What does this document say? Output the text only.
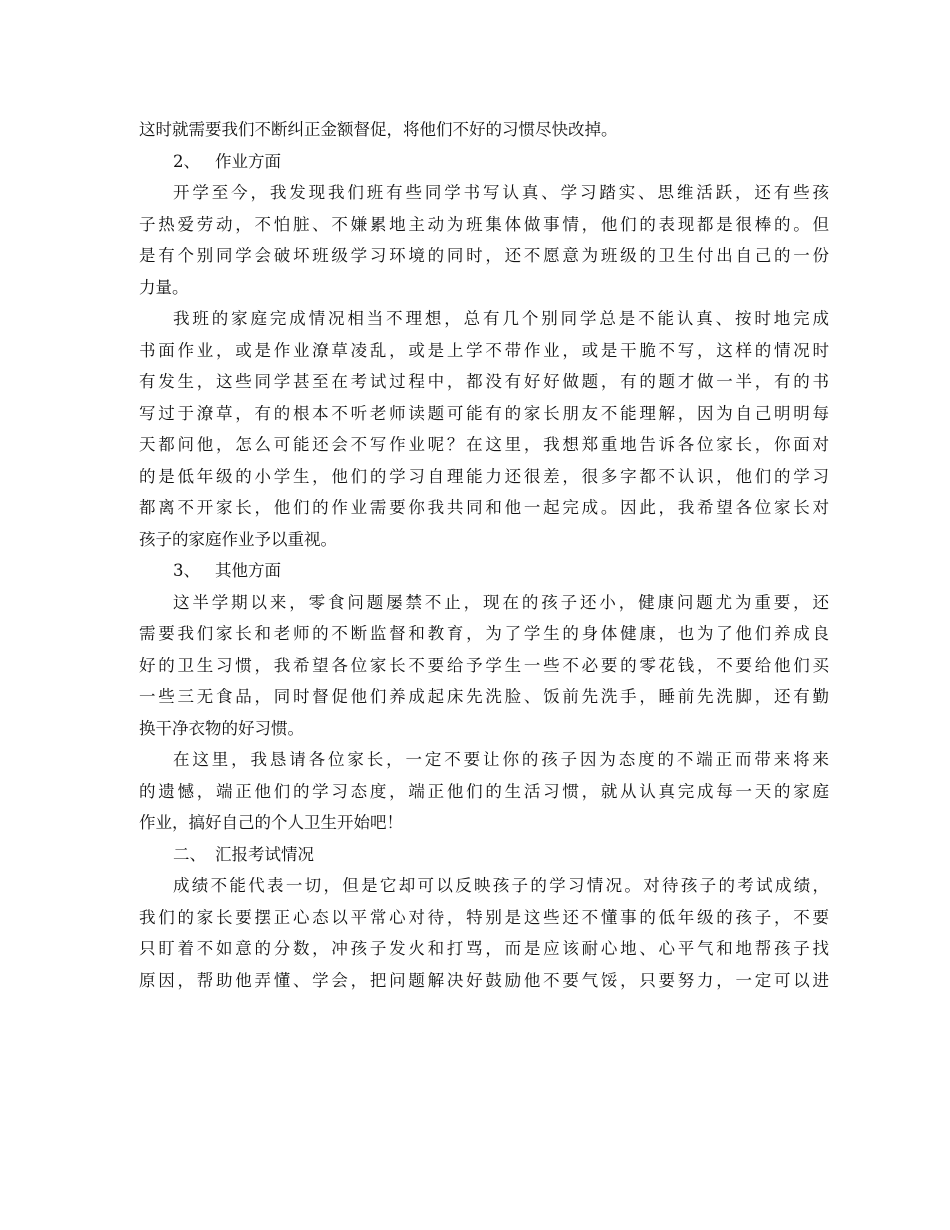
这时就需要我们不断纠正金额督促，将他们不好的习惯尽快改掉。
2、 作业方面
开学至今，我发现我们班有些同学书写认真、学习踏实、思维活跃，还有些孩
子热爱劳动，不怕脏、不嫌累地主动为班集体做事情，他们的表现都是很棒的。但
是有个别同学会破坏班级学习环境的同时，还不愿意为班级的卫生付出自己的一份
力量。
我班的家庭完成情况相当不理想，总有几个别同学总是不能认真、按时地完成
书面作业，或是作业潦草凌乱，或是上学不带作业，或是干脆不写，这样的情况时
有发生，这些同学甚至在考试过程中，都没有好好做题，有的题才做一半，有的书
写过于潦草，有的根本不听老师读题可能有的家长朋友不能理解，因为自己明明每
天都问他，怎么可能还会不写作业呢？在这里，我想郑重地告诉各位家长，你面对
的是低年级的小学生，他们的学习自理能力还很差，很多字都不认识，他们的学习
都离不开家长，他们的作业需要你我共同和他一起完成。因此，我希望各位家长对
孩子的家庭作业予以重视。
3、 其他方面
这半学期以来，零食问题屡禁不止，现在的孩子还小，健康问题尤为重要，还
需要我们家长和老师的不断监督和教育，为了学生的身体健康，也为了他们养成良
好的卫生习惯，我希望各位家长不要给予学生一些不必要的零花钱，不要给他们买
一些三无食品，同时督促他们养成起床先洗脸、饭前先洗手，睡前先洗脚，还有勤
换干净衣物的好习惯。
在这里，我恳请各位家长，一定不要让你的孩子因为态度的不端正而带来将来
的遗憾，端正他们的学习态度，端正他们的生活习惯，就从认真完成每一天的家庭
作业，搞好自己的个人卫生开始吧！
二、 汇报考试情况
成绩不能代表一切，但是它却可以反映孩子的学习情况。对待孩子的考试成绩，
我们的家长要摆正心态以平常心对待，特别是这些还不懂事的低年级的孩子，不要
只盯着不如意的分数，冲孩子发火和打骂，而是应该耐心地、心平气和地帮孩子找
原因，帮助他弄懂、学会，把问题解决好鼓励他不要气馁，只要努力，一定可以进
